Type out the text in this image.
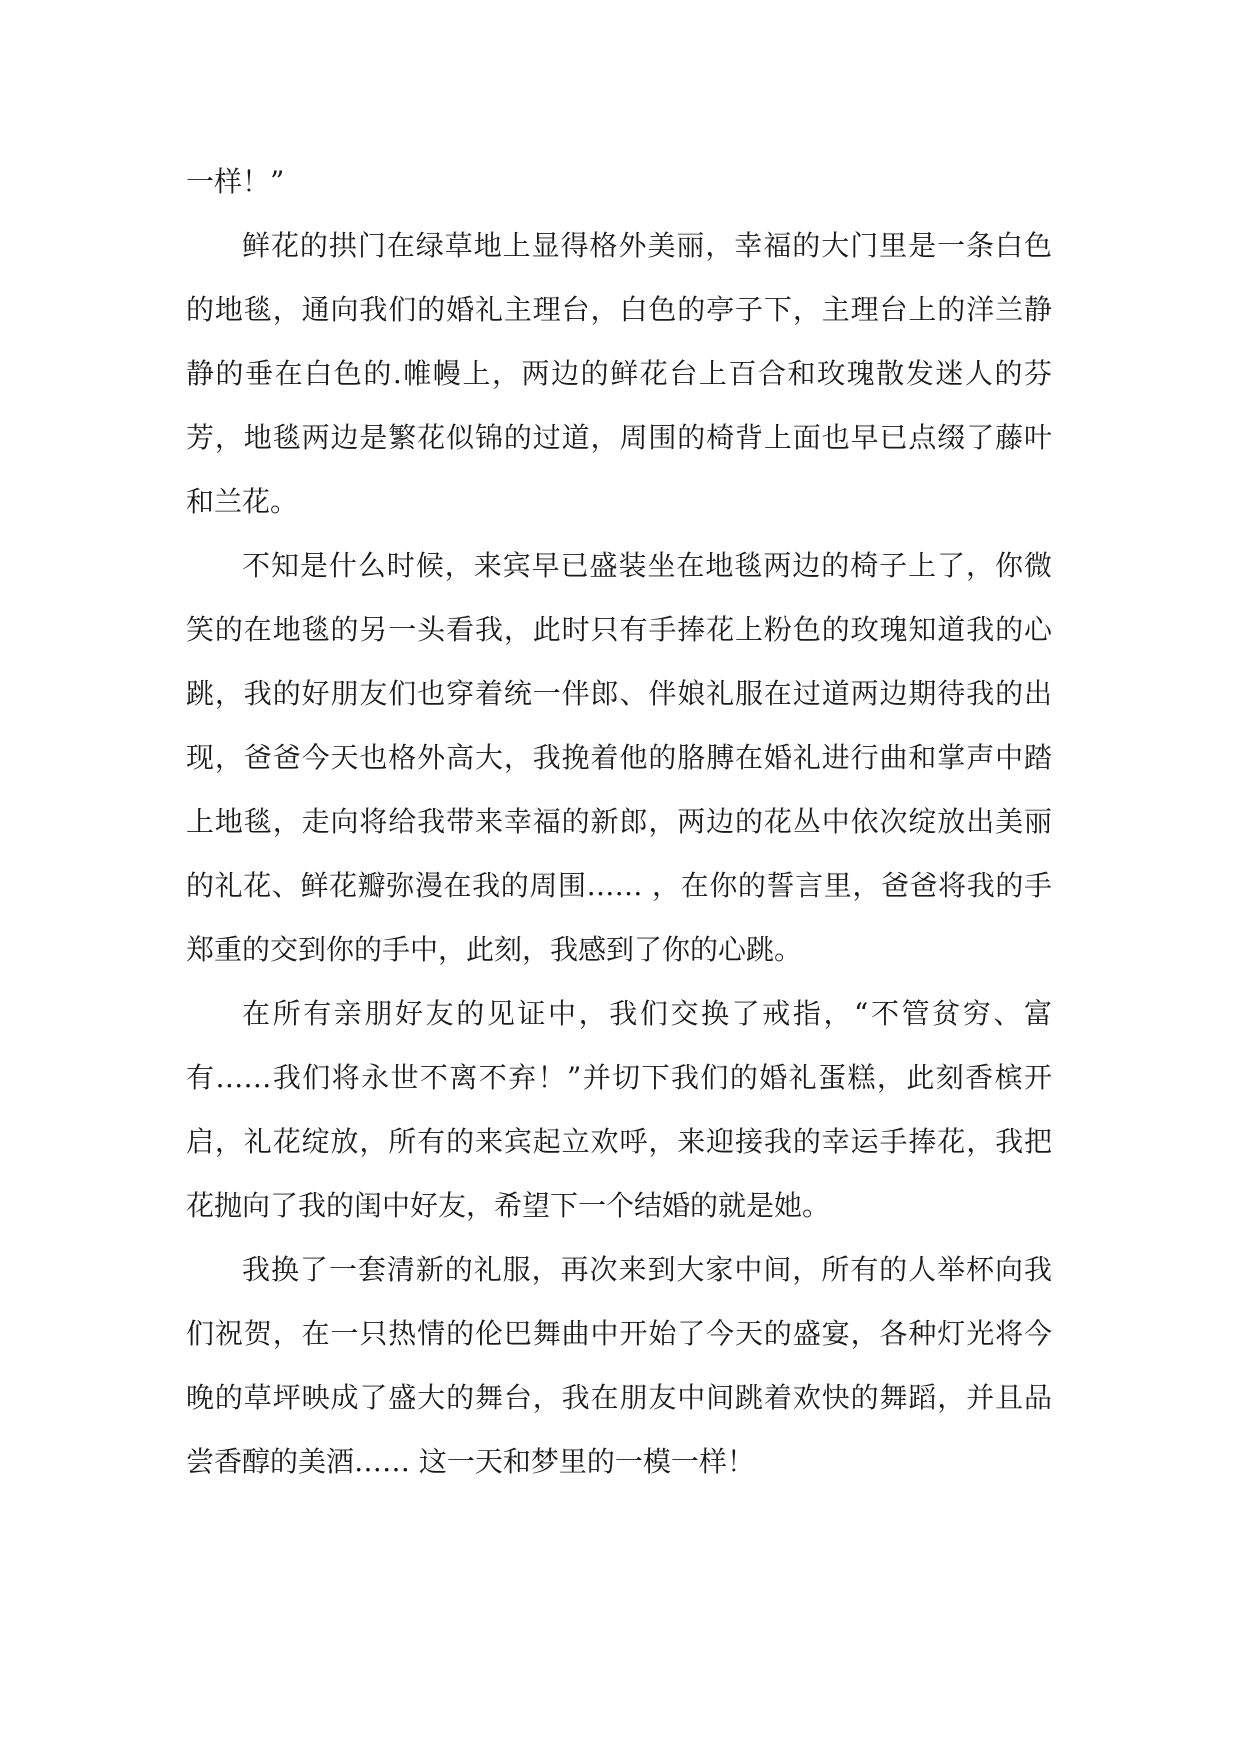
一样！”

鲜花的拱门在绿草地上显得格外美丽，幸福的大门里是一条白色的地毯，通向我们的婚礼主理台，白色的亭子下，主理台上的洋兰静静的垂在白色的.帷幔上，两边的鲜花台上百合和玫瑰散发迷人的芬芳，地毯两边是繁花似锦的过道，周围的椅背上面也早已点缀了藤叶和兰花。

不知是什么时候，来宾早已盛装坐在地毯两边的椅子上了，你微笑的在地毯的另一头看我，此时只有手捧花上粉色的玫瑰知道我的心跳，我的好朋友们也穿着统一伴郎、伴娘礼服在过道两边期待我的出现，爸爸今天也格外高大，我挽着他的胳膊在婚礼进行曲和掌声中踏上地毯，走向将给我带来幸福的新郎，两边的花丛中依次绽放出美丽的礼花、鲜花瓣弥漫在我的周围…… ，在你的誓言里，爸爸将我的手郑重的交到你的手中，此刻，我感到了你的心跳。

在所有亲朋好友的见证中，我们交换了戒指，“不管贫穷、富有……我们将永世不离不弃！”并切下我们的婚礼蛋糕，此刻香槟开启，礼花绽放，所有的来宾起立欢呼，来迎接我的幸运手捧花，我把花抛向了我的闺中好友，希望下一个结婚的就是她。

我换了一套清新的礼服，再次来到大家中间，所有的人举杯向我们祝贺，在一只热情的伦巴舞曲中开始了今天的盛宴，各种灯光将今晚的草坪映成了盛大的舞台，我在朋友中间跳着欢快的舞蹈，并且品尝香醇的美酒…… 这一天和梦里的一模一样！
